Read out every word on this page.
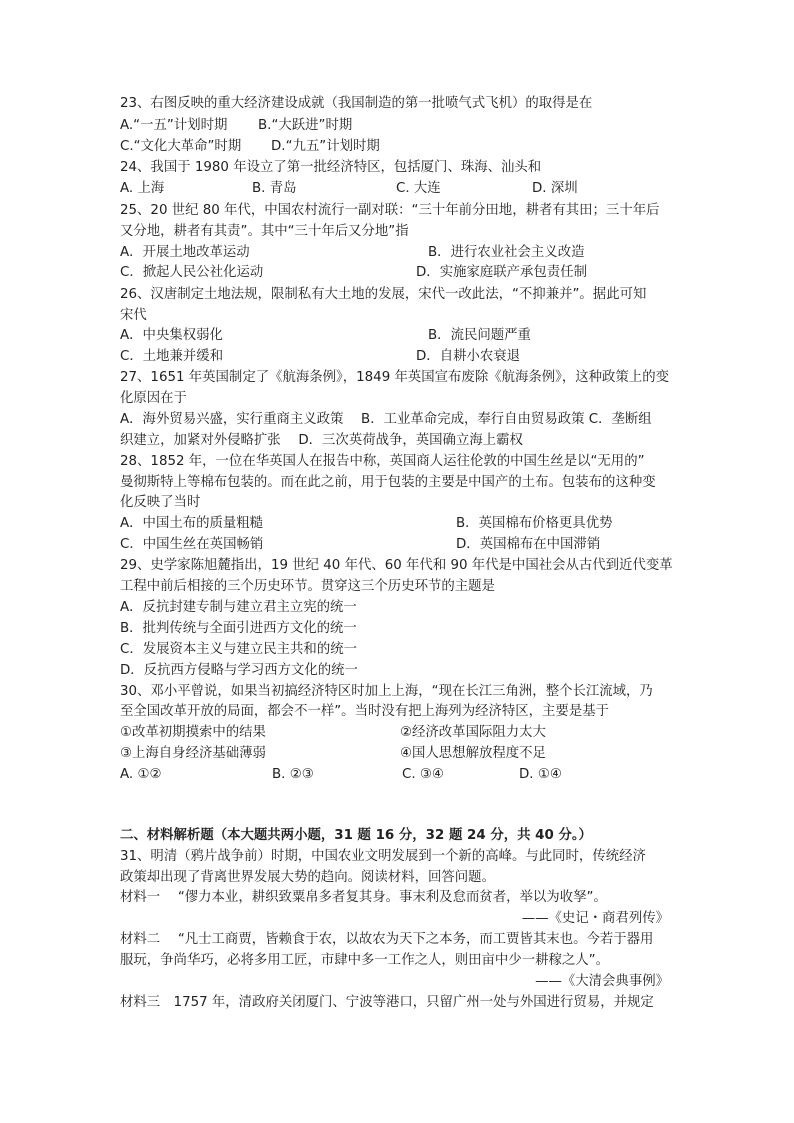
23、右图反映的重大经济建设成就（我国制造的第一批喷气式飞机）的取得是在
A.“一五”计划时期 B.“大跃进”时期
C.“文化大革命”时期 D.“九五”计划时期
24、我国于 1980 年设立了第一批经济特区，包括厦门、珠海、汕头和
A. 上海	B. 青岛	C. 大连	D. 深圳
25、20 世纪 80 年代，中国农村流行一副对联：“三十年前分田地，耕者有其田；三十年后
又分地，耕者有其责”。其中“三十年后又分地”指
A．开展土地改革运动	B．进行农业社会主义改造
C．掀起人民公社化运动	D．实施家庭联产承包责任制
26、汉唐制定土地法规，限制私有大土地的发展，宋代一改此法，“不抑兼并”。据此可知
宋代
A．中央集权弱化	B．流民问题严重
C．土地兼并缓和	D．自耕小农衰退
27、1651 年英国制定了《航海条例》，1849 年英国宣布废除《航海条例》，这种政策上的变
化原因在于
A．海外贸易兴盛，实行重商主义政策　 B．工业革命完成，奉行自由贸易政策 C．垄断组
织建立，加紧对外侵略扩张　 D．三次英荷战争，英国确立海上霸权
28、1852 年，一位在华英国人在报告中称，英国商人运往伦敦的中国生丝是以“无用的”
曼彻斯特上等棉布包装的。而在此之前，用于包装的主要是中国产的土布。包装布的这种变
化反映了当时
A．中国土布的质量粗糙	B．英国棉布价格更具优势
C．中国生丝在英国畅销	D．英国棉布在中国滞销
29、史学家陈旭麓指出，19 世纪 40 年代、60 年代和 90 年代是中国社会从古代到近代变革
工程中前后相接的三个历史环节。贯穿这三个历史环节的主题是
A．反抗封建专制与建立君主立宪的统一
B．批判传统与全面引进西方文化的统一
C．发展资本主义与建立民主共和的统一
D．反抗西方侵略与学习西方文化的统一
30、邓小平曾说，如果当初搞经济特区时加上上海，“现在长江三角洲，整个长江流域，乃
至全国改革开放的局面，都会不一样”。当时没有把上海列为经济特区，主要是基于
①改革初期摸索中的结果	②经济改革国际阻力太大
③上海自身经济基础薄弱	④国人思想解放程度不足
A. ①②	B. ②③	C. ③④	D. ①④
二、材料解析题（本大题共两小题，31 题 16 分，32 题 24 分，共 40 分。）
31、明清（鸦片战争前）时期，中国农业文明发展到一个新的高峰。与此同时，传统经济
政策却出现了背离世界发展大势的趋向。阅读材料，回答问题。
材料一　 “僇力本业，耕织致粟帛多者复其身。事末利及怠而贫者，举以为收孥”。
——《史记・商君列传》
材料二　 “凡士工商贾，皆赖食于农，以故农为天下之本务，而工贾皆其末也。今若于器用
服玩，争尚华巧，必将多用工匠，市肆中多一工作之人，则田亩中少一耕稼之人”。
——《大清会典事例》
材料三　1757 年，清政府关闭厦门、宁波等港口，只留广州一处与外国进行贸易，并规定
